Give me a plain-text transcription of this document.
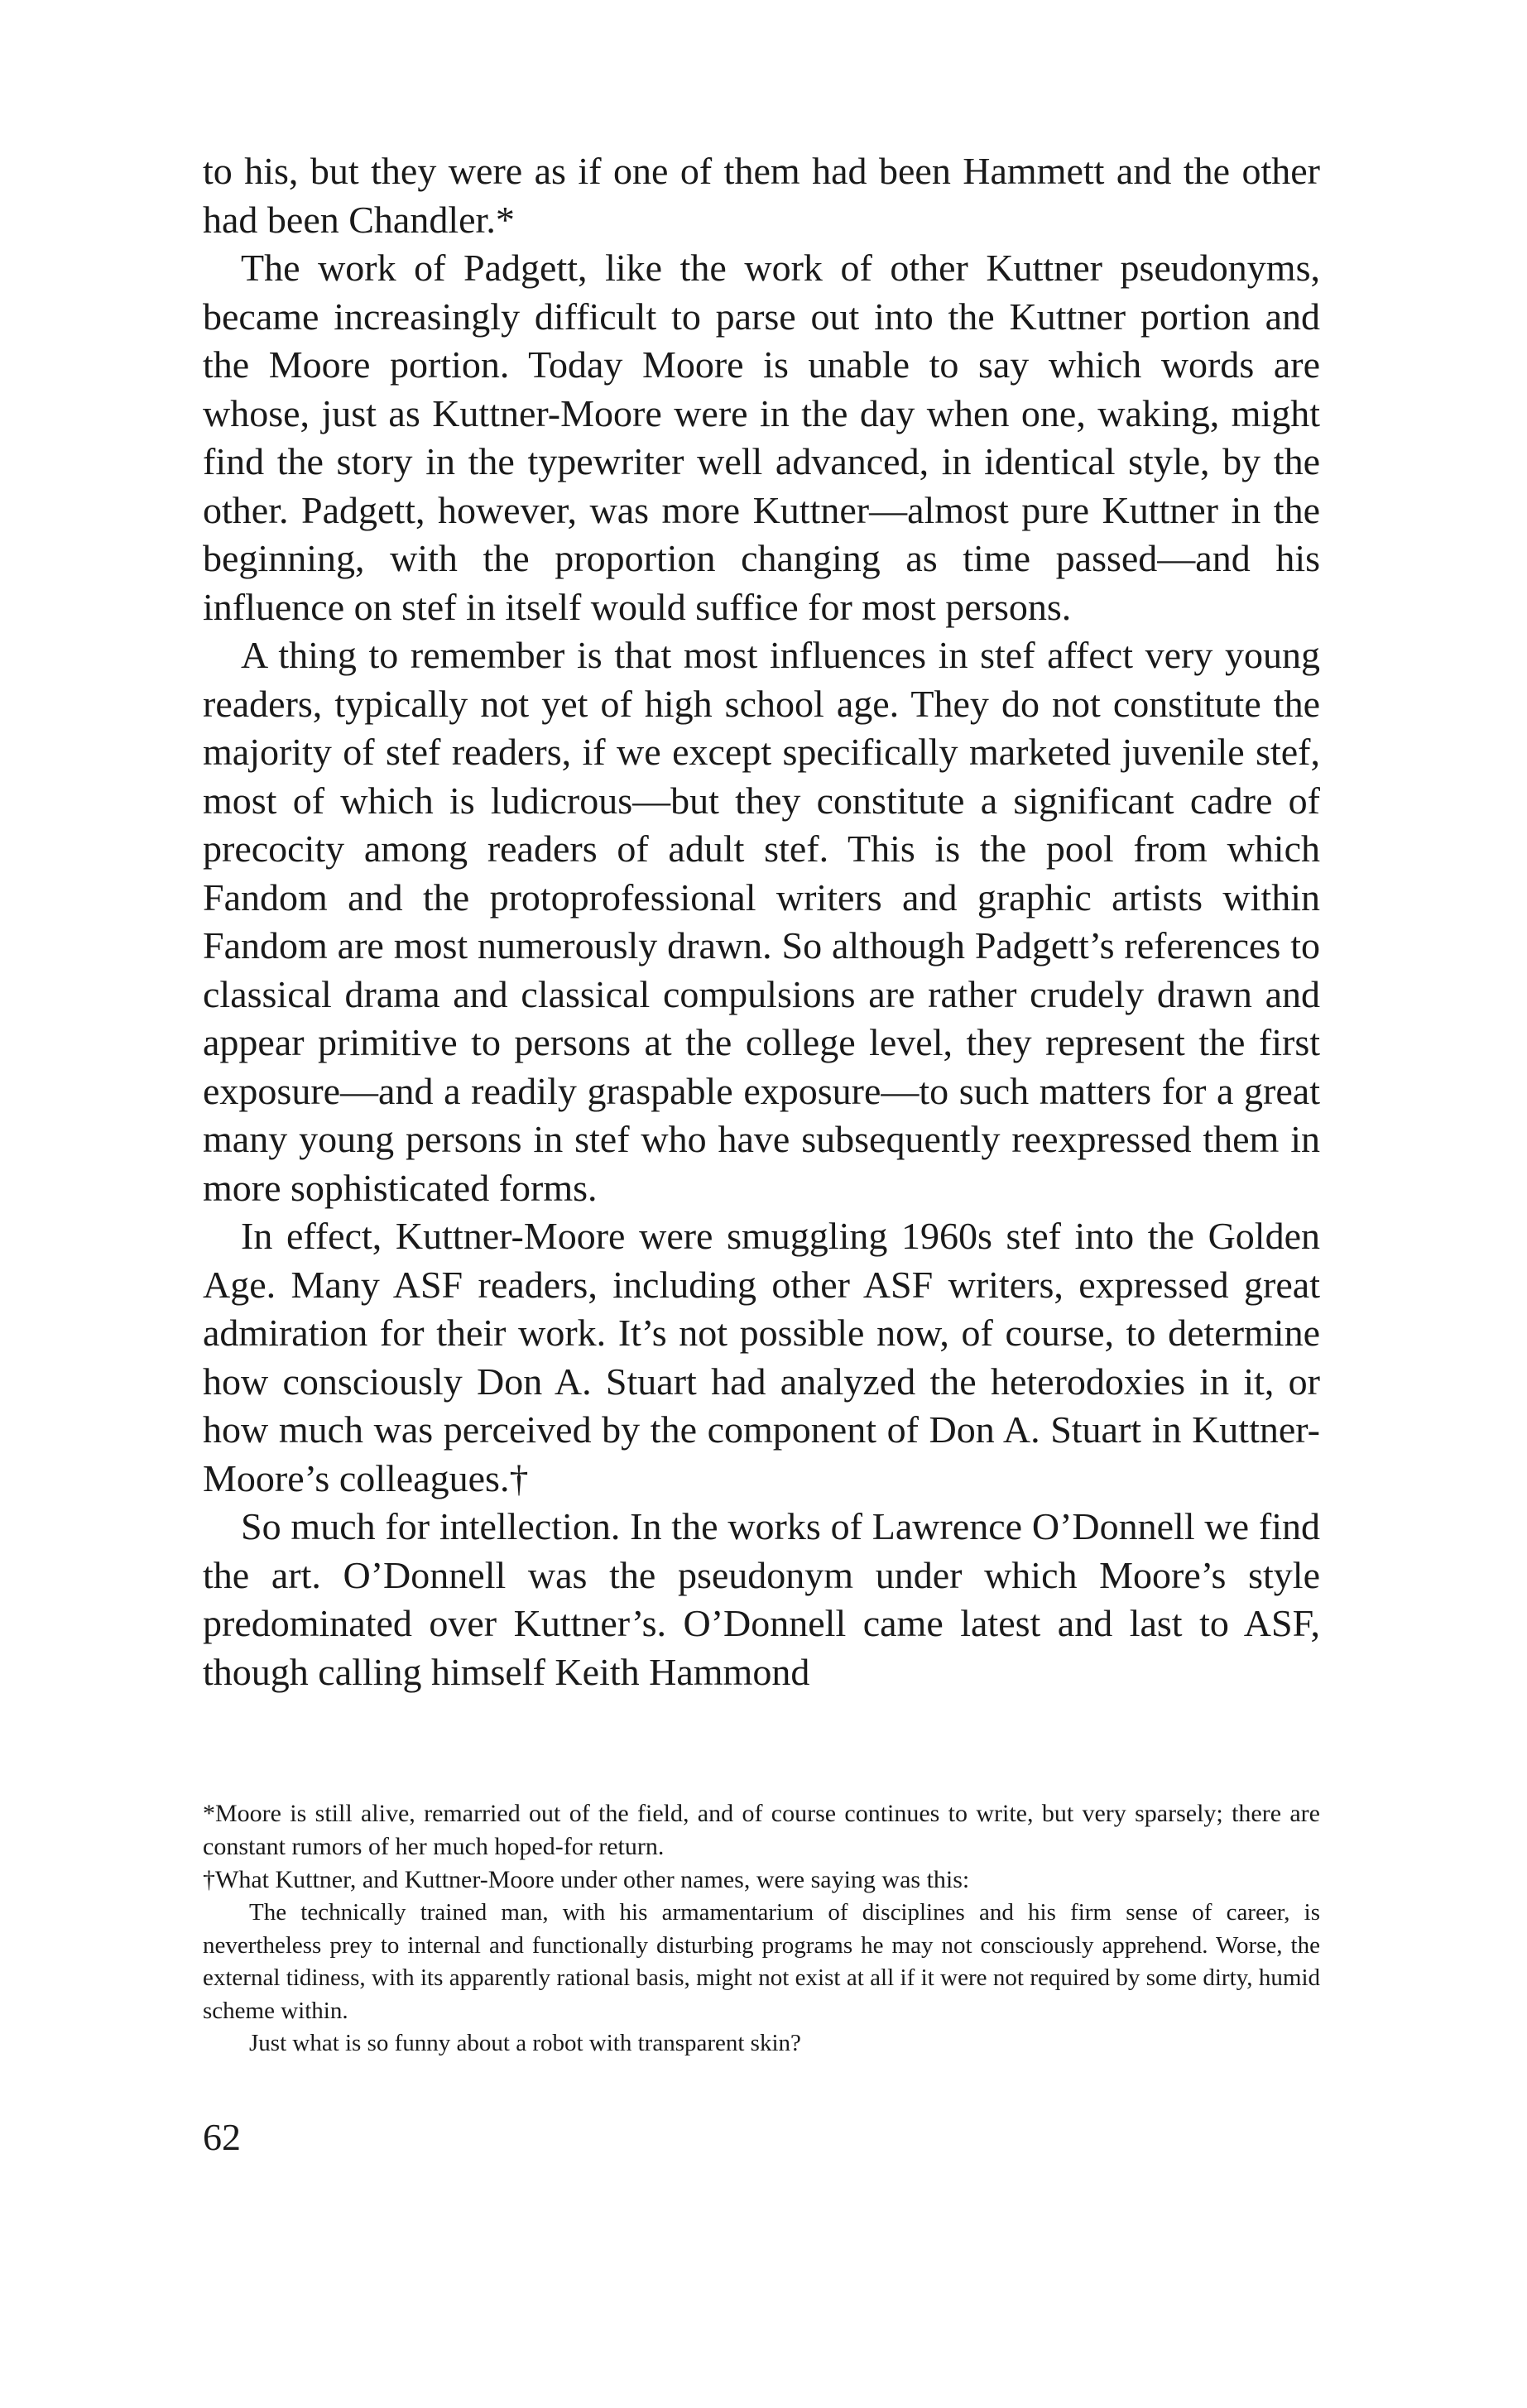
to his, but they were as if one of them had been Hammett and the other had been Chandler.*

The work of Padgett, like the work of other Kuttner pseudonyms, became increasingly difficult to parse out into the Kuttner portion and the Moore portion. Today Moore is unable to say which words are whose, just as Kuttner-Moore were in the day when one, waking, might find the story in the typewriter well advanced, in identical style, by the other. Padgett, however, was more Kuttner—almost pure Kuttner in the beginning, with the proportion changing as time passed—and his influence on stef in itself would suffice for most persons.

A thing to remember is that most influences in stef affect very young readers, typically not yet of high school age. They do not constitute the majority of stef readers, if we except specifically marketed juvenile stef, most of which is ludicrous—but they constitute a significant cadre of precocity among readers of adult stef. This is the pool from which Fandom and the protoprofessional writers and graphic artists within Fandom are most numerously drawn. So although Padgett’s references to classical drama and classical compulsions are rather crudely drawn and appear primitive to persons at the college level, they represent the first exposure—and a readily graspable exposure—to such matters for a great many young persons in stef who have subsequently reexpressed them in more sophisticated forms.

In effect, Kuttner-Moore were smuggling 1960s stef into the Golden Age. Many ASF readers, including other ASF writers, expressed great admiration for their work. It’s not possible now, of course, to determine how consciously Don A. Stuart had analyzed the heterodoxies in it, or how much was perceived by the component of Don A. Stuart in Kuttner-Moore’s colleagues.†

So much for intellection. In the works of Lawrence O’Donnell we find the art. O’Donnell was the pseudonym under which Moore’s style predominated over Kuttner’s. O’Donnell came latest and last to ASF, though calling himself Keith Hammond

*Moore is still alive, remarried out of the field, and of course continues to write, but very sparsely; there are constant rumors of her much hoped-for return.

†What Kuttner, and Kuttner-Moore under other names, were saying was this:

The technically trained man, with his armamentarium of disciplines and his firm sense of career, is nevertheless prey to internal and functionally disturbing programs he may not consciously apprehend. Worse, the external tidiness, with its apparently rational basis, might not exist at all if it were not required by some dirty, humid scheme within.

Just what is so funny about a robot with transparent skin?

62
